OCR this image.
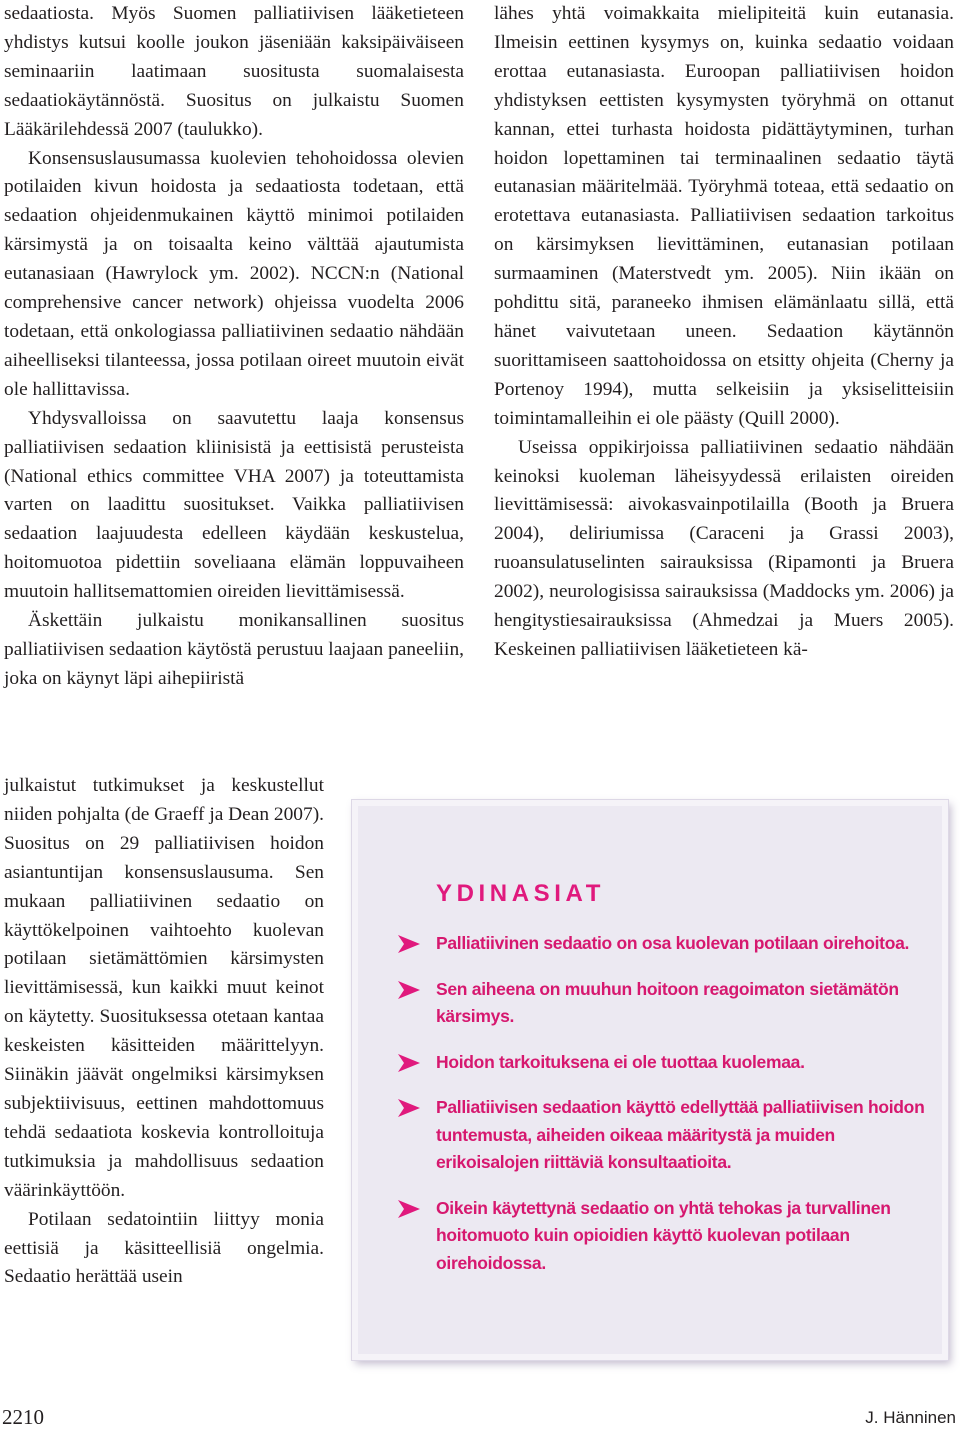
sedaatiosta. Myös Suomen palliatiivisen lääketieteen yhdistys kutsui koolle joukon jäseniään kaksipäiväiseen seminaariin laatimaan suositusta suomalaisesta sedaatiokäytännöstä. Suositus on julkaistu Suomen Lääkärilehdessä 2007 (taulukko).

Konsensuslausumassa kuolevien tehohoidossa olevien potilaiden kivun hoidosta ja sedaatiosta todetaan, että sedaation ohjeidenmukainen käyttö minimoi potilaiden kärsimystä ja on toisaalta keino välttää ajautumista eutanasiaan (Hawrylock ym. 2002). NCCN:n (National comprehensive cancer network) ohjeissa vuodelta 2006 todetaan, että onkologiassa palliatiivinen sedaatio nähdään aiheelliseksi tilanteessa, jossa potilaan oireet muutoin eivät ole hallittavissa.

Yhdysvalloissa on saavutettu laaja konsensus palliatiivisen sedaation kliinisistä ja eettisistä perusteista (National ethics committee VHA 2007) ja toteuttamista varten on laadittu suositukset. Vaikka palliatiivisen sedaation laajuudesta edelleen käydään keskustelua, hoitomuotoa pidettiin soveliaana elämän loppuvaiheen muutoin hallitsemattomien oireiden lievittämisessä.

Äskettäin julkaistu monikansallinen suositus palliatiivisen sedaation käytöstä perustuu laajaan paneeliin, joka on käynyt läpi aihepiiristä

julkaistut tutkimukset ja keskustellut niiden pohjalta (de Graeff ja Dean 2007). Suositus on 29 palliatiivisen hoidon asiantuntijan konsensuslausuma. Sen mukaan palliatiivinen sedaatio on käyttökelpoinen vaihtoehto kuolevan potilaan sietämättömien kärsimysten lievittämisessä, kun kaikki muut keinot on käytetty. Suosituksessa otetaan kantaa keskeisten käsitteiden määrittelyyn. Siinäkin jäävät ongelmiksi kärsimyksen subjektiivisuus, eettinen mahdottomuus tehdä sedaatiota koskevia kontrolloituja tutkimuksia ja mahdollisuus sedaation väärinkäyttöön.

Potilaan sedatointiin liittyy monia eettisiä ja käsitteellisiä ongelmia. Sedaatio herättää usein

lähes yhtä voimakkaita mielipiteitä kuin eutanasia. Ilmeisin eettinen kysymys on, kuinka sedaatio voidaan erottaa eutanasiasta. Euroopan palliatiivisen hoidon yhdistyksen eettisten kysymysten työryhmä on ottanut kannan, ettei turhasta hoidosta pidättäytyminen, turhan hoidon lopettaminen tai terminaalinen sedaatio täytä eutanasian määritelmää. Työryhmä toteaa, että sedaatio on erotettava eutanasiasta. Palliatiivisen sedaation tarkoitus on kärsimyksen lievittäminen, eutanasian potilaan surmaaminen (Materstvedt ym. 2005). Niin ikään on pohdittu sitä, paraneeko ihmisen elämänlaatu sillä, että hänet vaivutetaan uneen. Sedaation käytännön suorittamiseen saattohoidossa on etsitty ohjeita (Cherny ja Portenoy 1994), mutta selkeisiin ja yksiselitteisiin toimintamalleihin ei ole päästy (Quill 2000).

Useissa oppikirjoissa palliatiivinen sedaatio nähdään keinoksi kuoleman läheisyydessä erilaisten oireiden lievittämisessä: aivokasvainpotilailla (Booth ja Bruera 2004), deliriumissa (Caraceni ja Grassi 2003), ruoansulatuselinten sairauksissa (Ripamonti ja Bruera 2002), neurologisissa sairauksissa (Maddocks ym. 2006) ja hengitystiesairauksissa (Ahmedzai ja Muers 2005). Keskeinen palliatiivisen lääketieteen kä-

YDINASIAT
Palliatiivinen sedaatio on osa kuolevan potilaan oirehoitoa.
Sen aiheena on muuhun hoitoon reagoimaton sietämätön kärsimys.
Hoidon tarkoituksena ei ole tuottaa kuolemaa.
Palliatiivisen sedaation käyttö edellyttää palliatiivisen hoidon tuntemusta, aiheiden oikeaa määritystä ja muiden erikoisalojen riittäviä konsultaatioita.
Oikein käytettynä sedaatio on yhtä tehokas ja turvallinen hoitomuoto kuin opioidien käyttö kuolevan potilaan oirehoidossa.
2210	J. Hänninen
